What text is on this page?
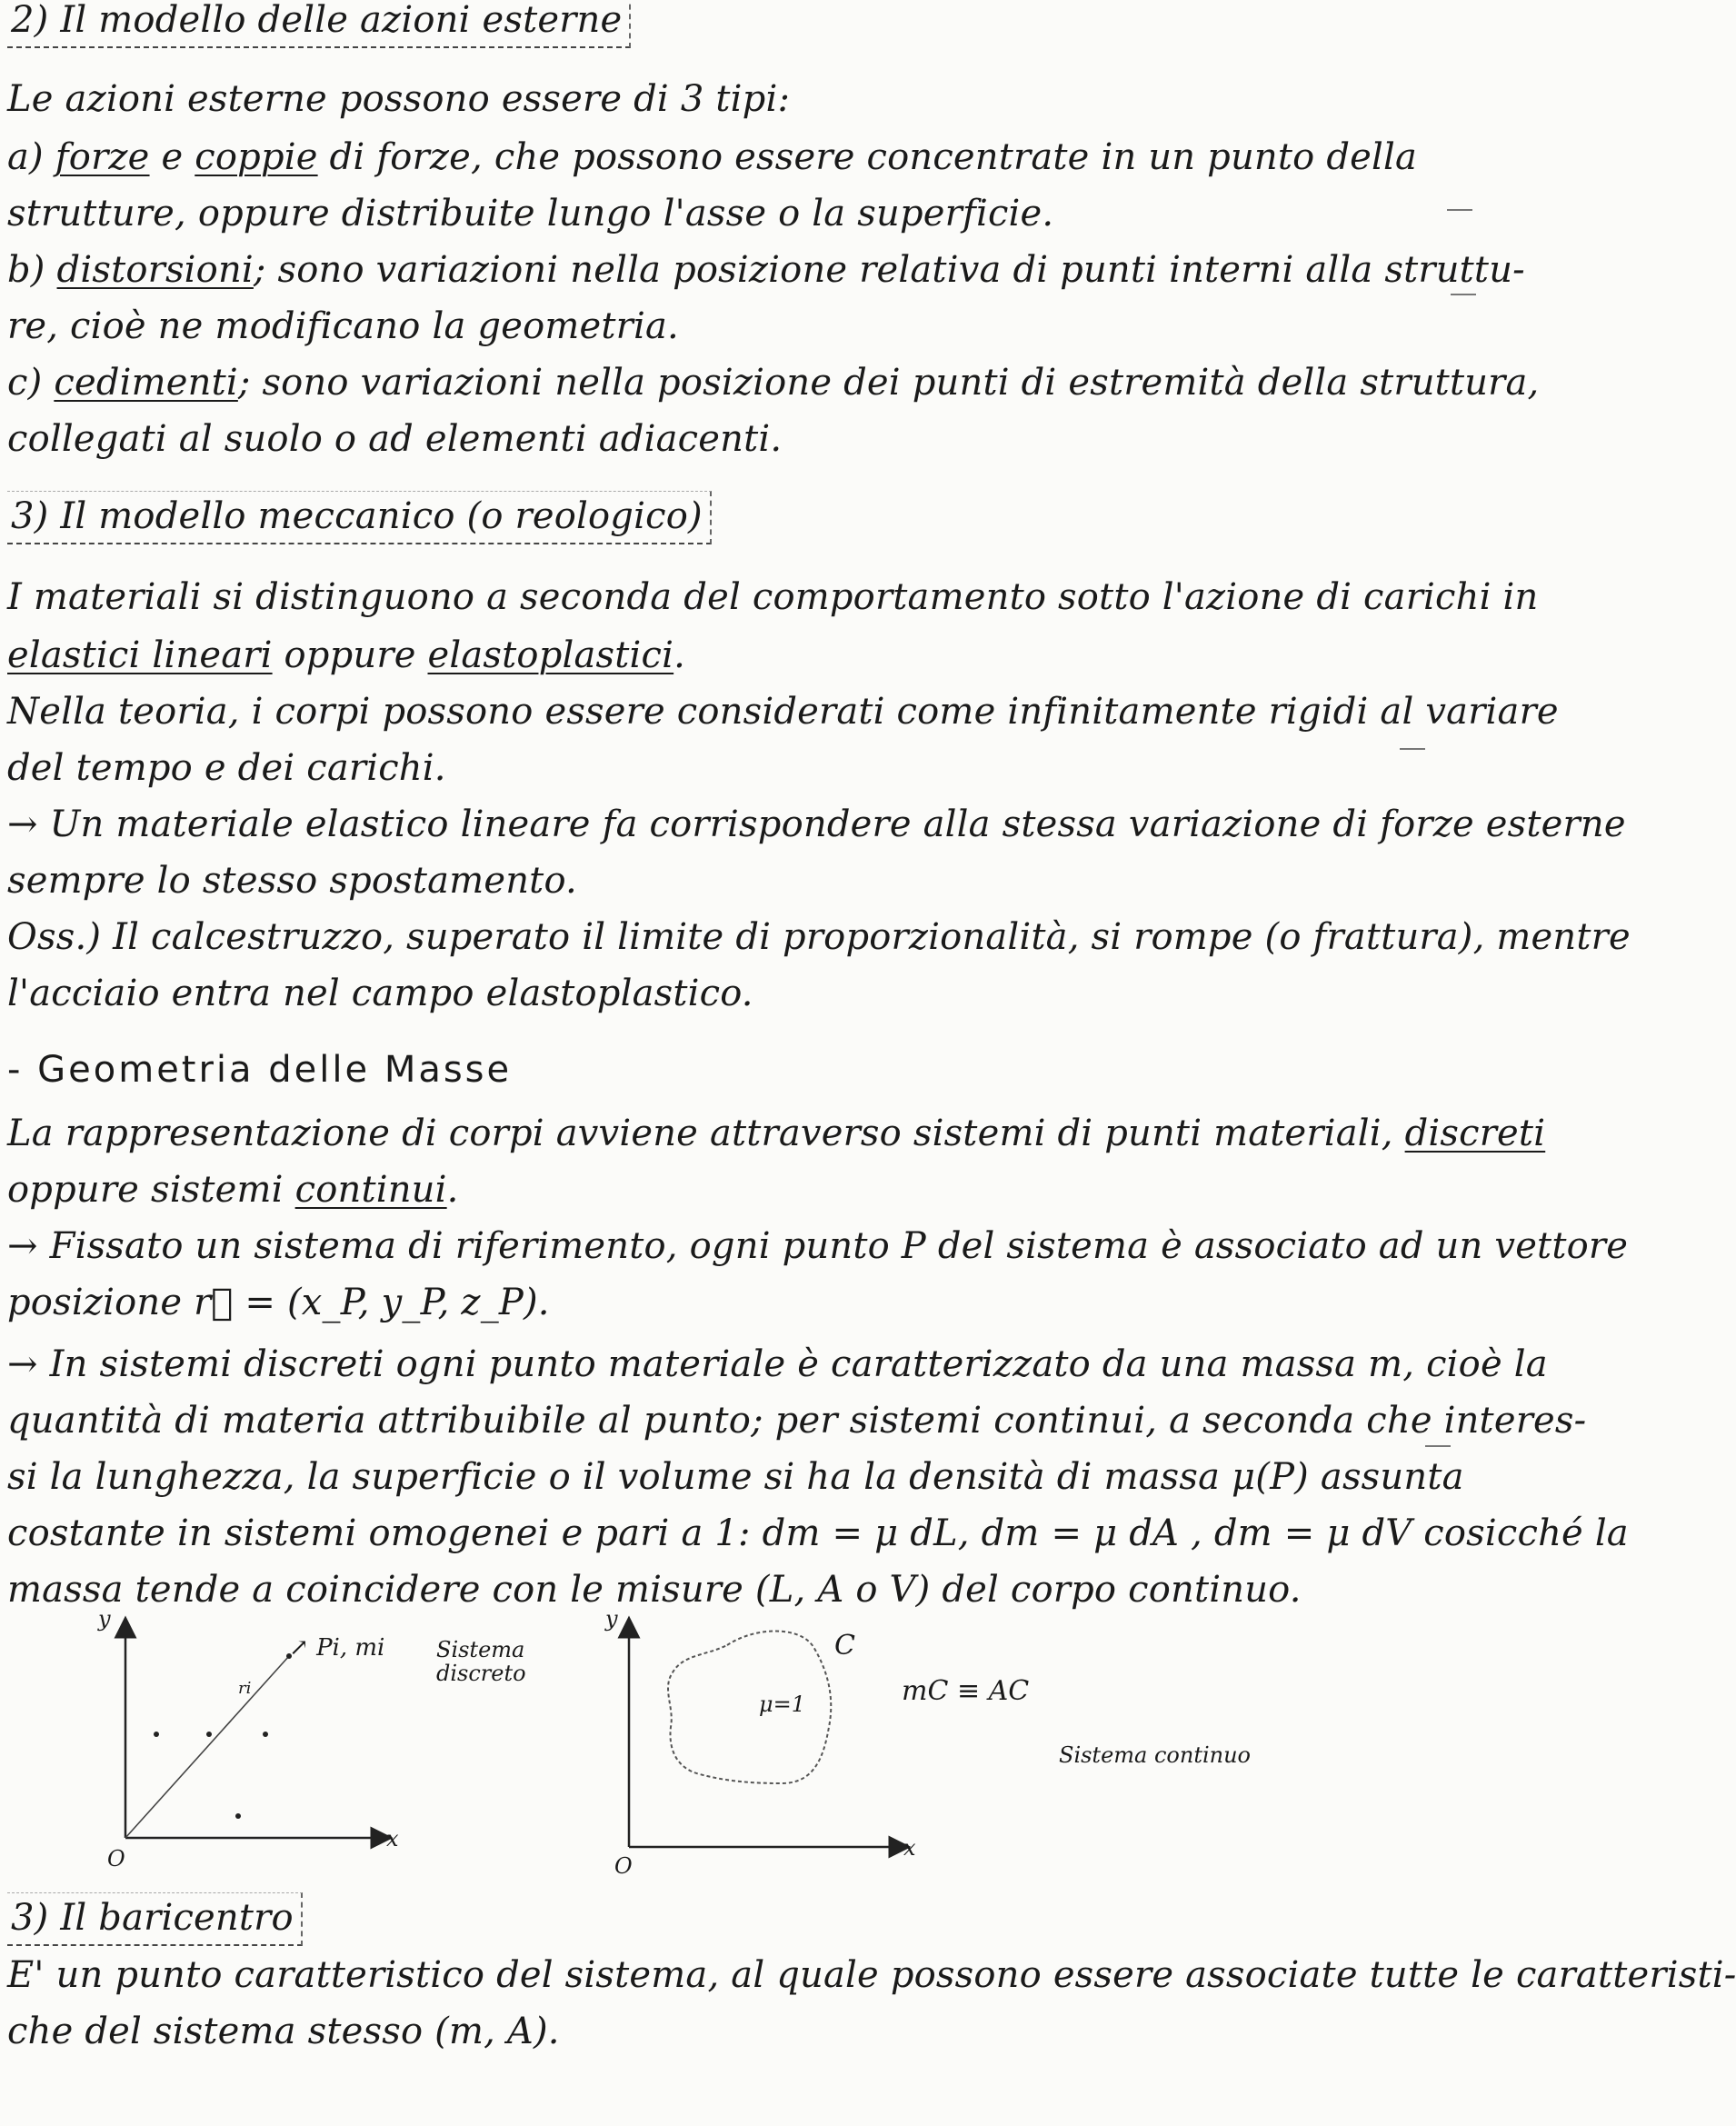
2) Il modello delle azioni esterne
Le azioni esterne possono essere di 3 tipi:
a) forze e coppie di forze, che possono essere concentrate in un punto della
strutture, oppure distribuite lungo l'asse o la superficie.
b) distorsioni; sono variazioni nella posizione relativa di punti interni alla struttu-
re, cioè ne modificano la geometria.
c) cedimenti; sono variazioni nella posizione dei punti di estremità della struttura,
collegati al suolo o ad elementi adiacenti.
3) Il modello meccanico (o reologico)
I materiali si distinguono a seconda del comportamento sotto l'azione di carichi in
elastici lineari oppure elastoplastici.
Nella teoria, i corpi possono essere considerati come infinitamente rigidi al variare
del tempo e dei carichi.
→ Un materiale elastico lineare fa corrispondere alla stessa variazione di forze esterne
sempre lo stesso spostamento.
Oss.) Il calcestruzzo, superato il limite di proporzionalità, si rompe (o frattura), mentre
l'acciaio entra nel campo elastoplastico.
- Geometria delle Masse
La rappresentazione di corpi avviene attraverso sistemi di punti materiali, discreti
oppure sistemi continui.
→ Fissato un sistema di riferimento, ogni punto P del sistema è associato ad un vettore
posizione r⃗ = (x_P, y_P, z_P).
→ In sistemi discreti ogni punto materiale è caratterizzato da una massa m, cioè la
quantità di materia attribuibile al punto; per sistemi continui, a seconda che interes-
si la lunghezza, la superficie o il volume si ha la densità di massa μ(P) assunta
costante in sistemi omogenei e pari a 1: dm = μ dL, dm = μ dA , dm = μ dV cosicché la
massa tende a coincidere con le misure (L, A o V) del corpo continuo.
y
x
O
↗ Pi, mi
ri
Sistema
discreto
y
x
O
C
μ=1	mC ≡ AC
Sistema continuo
3) Il baricentro
E' un punto caratteristico del sistema, al quale possono essere associate tutte le caratteristi-
che del sistema stesso (m, A).
